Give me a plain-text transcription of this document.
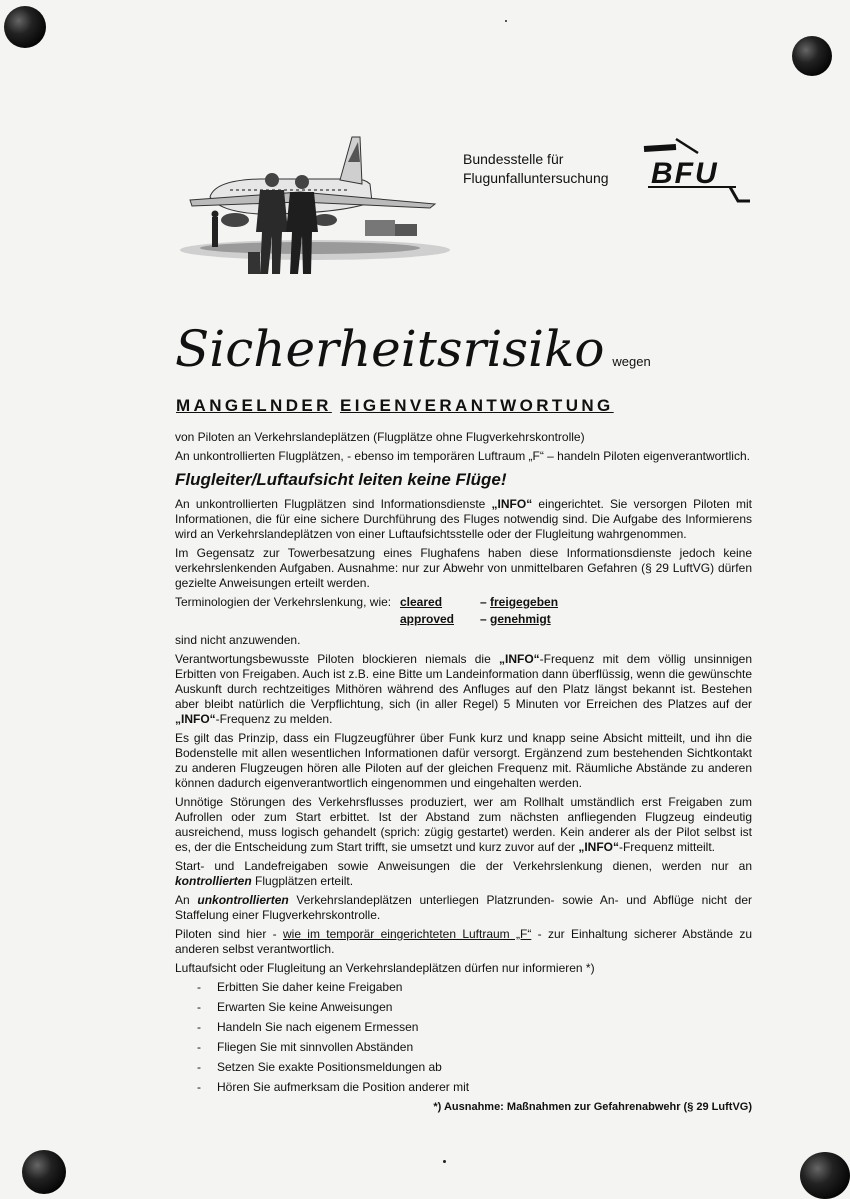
Bundesstelle für
Flugunfalluntersuchung BFU
Sicherheitsrisiko wegen
MANGELNDER EIGENVERANTWORTUNG

von Piloten an Verkehrslandeplätzen (Flugplätze ohne Flugverkehrskontrolle)

An unkontrollierten Flugplätzen, - ebenso im temporären Luftraum „F“ – handeln Piloten eigenverantwortlich.

Flugleiter/Luftaufsicht leiten keine Flüge!

An unkontrollierten Flugplätzen sind Informationsdienste „INFO“ eingerichtet. Sie versorgen Piloten mit Informationen, die für eine sichere Durchführung des Fluges notwendig sind. Die Aufgabe des Informierens wird an Verkehrslandeplätzen von einer Luftaufsichtsstelle oder der Flugleitung wahrgenommen.

Im Gegensatz zur Towerbesatzung eines Flughafens haben diese Informationsdienste jedoch keine verkehrslenkenden Aufgaben. Ausnahme: nur zur Abwehr von unmittelbaren Gefahren (§ 29 LuftVG) dürfen gezielte Anweisungen erteilt werden.

Terminologien der Verkehrslenkung, wie: cleared	– freigegeben
approved	– genehmigt

sind nicht anzuwenden.

Verantwortungsbewusste Piloten blockieren niemals die „INFO“-Frequenz mit dem völlig unsinnigen Erbitten von Freigaben. Auch ist z.B. eine Bitte um Landeinformation dann überflüssig, wenn die gewünschte Auskunft durch rechtzeitiges Mithören während des Anfluges auf den Platz längst bekannt ist. Bestehen aber bleibt natürlich die Verpflichtung, sich (in aller Regel) 5 Minuten vor Erreichen des Platzes auf der „INFO“-Frequenz zu melden.

Es gilt das Prinzip, dass ein Flugzeugführer über Funk kurz und knapp seine Absicht mitteilt, und ihn die Bodenstelle mit allen wesentlichen Informationen dafür versorgt. Ergänzend zum bestehenden Sichtkontakt zu anderen Flugzeugen hören alle Piloten auf der gleichen Frequenz mit. Räumliche Abstände zu anderen können dadurch eigenverantwortlich eingenommen und eingehalten werden.

Unnötige Störungen des Verkehrsflusses produziert, wer am Rollhalt umständlich erst Freigaben zum Aufrollen oder zum Start erbittet. Ist der Abstand zum nächsten anfliegenden Flugzeug eindeutig ausreichend, muss logisch gehandelt (sprich: zügig gestartet) werden. Kein anderer als der Pilot selbst ist es, der die Entscheidung zum Start trifft, sie umsetzt und kurz zuvor auf der „INFO“-Frequenz mitteilt.

Start- und Landefreigaben sowie Anweisungen die der Verkehrslenkung dienen, werden nur an kontrollierten Flugplätzen erteilt.

An unkontrollierten Verkehrslandeplätzen unterliegen Platzrunden- sowie An- und Abflüge nicht der Staffelung einer Flugverkehrskontrolle.

Piloten sind hier - wie im temporär eingerichteten Luftraum „F“ - zur Einhaltung sicherer Abstände zu anderen selbst verantwortlich.

Luftaufsicht oder Flugleitung an Verkehrslandeplätzen dürfen nur informieren *)

- Erbitten Sie daher keine Freigaben
- Erwarten Sie keine Anweisungen
- Handeln Sie nach eigenem Ermessen
- Fliegen Sie mit sinnvollen Abständen
- Setzen Sie exakte Positionsmeldungen ab
- Hören Sie aufmerksam die Position anderer mit
*) Ausnahme: Maßnahmen zur Gefahrenabwehr (§ 29 LuftVG)
